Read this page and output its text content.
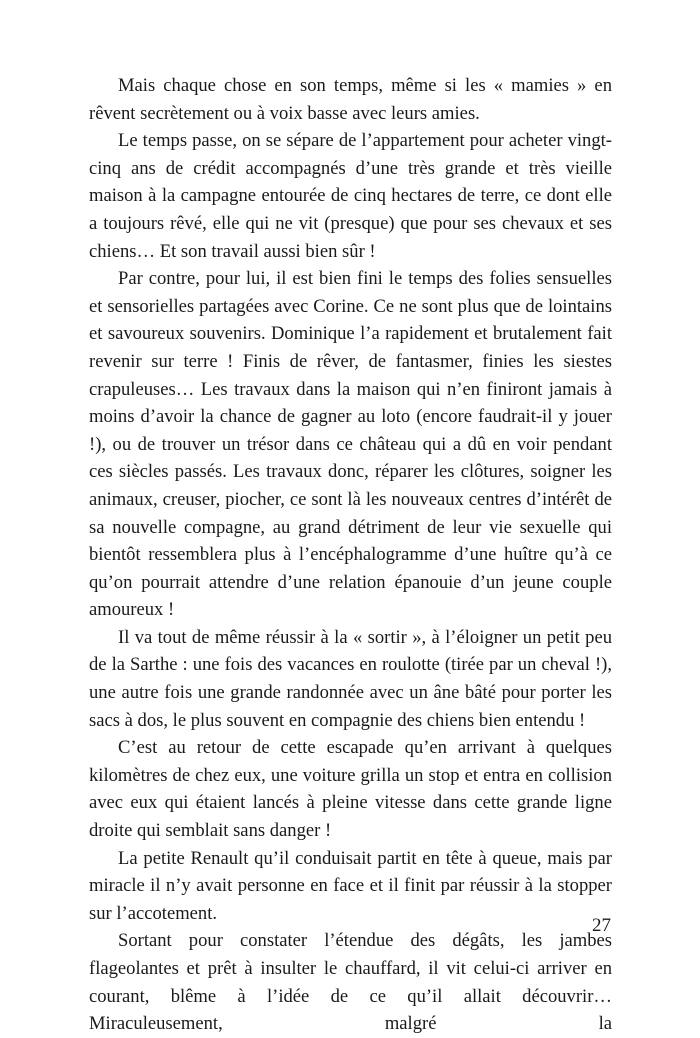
Mais chaque chose en son temps, même si les « mamies » en rêvent secrètement ou à voix basse avec leurs amies.

Le temps passe, on se sépare de l’appartement pour acheter vingt-cinq ans de crédit accompagnés d’une très grande et très vieille maison à la campagne entourée de cinq hectares de terre, ce dont elle a toujours rêvé, elle qui ne vit (presque) que pour ses chevaux et ses chiens… Et son travail aussi bien sûr !

Par contre, pour lui, il est bien fini le temps des folies sensuelles et sensorielles partagées avec Corine. Ce ne sont plus que de lointains et savoureux souvenirs. Dominique l’a rapidement et brutalement fait revenir sur terre ! Finis de rêver, de fantasmer, finies les siestes crapuleuses… Les travaux dans la maison qui n’en finiront jamais à moins d’avoir la chance de gagner au loto (encore faudrait-il y jouer !), ou de trouver un trésor dans ce château qui a dû en voir pendant ces siècles passés. Les travaux donc, réparer les clôtures, soigner les animaux, creuser, piocher, ce sont là les nouveaux centres d’intérêt de sa nouvelle compagne, au grand détriment de leur vie sexuelle qui bientôt ressemblera plus à l’encéphalogramme d’une huître qu’à ce qu’on pourrait attendre d’une relation épanouie d’un jeune couple amoureux !

Il va tout de même réussir à la « sortir », à l’éloigner un petit peu de la Sarthe : une fois des vacances en roulotte (tirée par un cheval !), une autre fois une grande randonnée avec un âne bâté pour porter les sacs à dos, le plus souvent en compagnie des chiens bien entendu !

C’est au retour de cette escapade qu’en arrivant à quelques kilomètres de chez eux, une voiture grilla un stop et entra en collision avec eux qui étaient lancés à pleine vitesse dans cette grande ligne droite qui semblait sans danger !

La petite Renault qu’il conduisait partit en tête à queue, mais par miracle il n’y avait personne en face et il finit par réussir à la stopper sur l’accotement.

Sortant pour constater l’étendue des dégâts, les jambes flageolantes et prêt à insulter le chauffard, il vit celui-ci arriver en courant, blême à l’idée de ce qu’il allait découvrir… Miraculeusement, malgré la

27
